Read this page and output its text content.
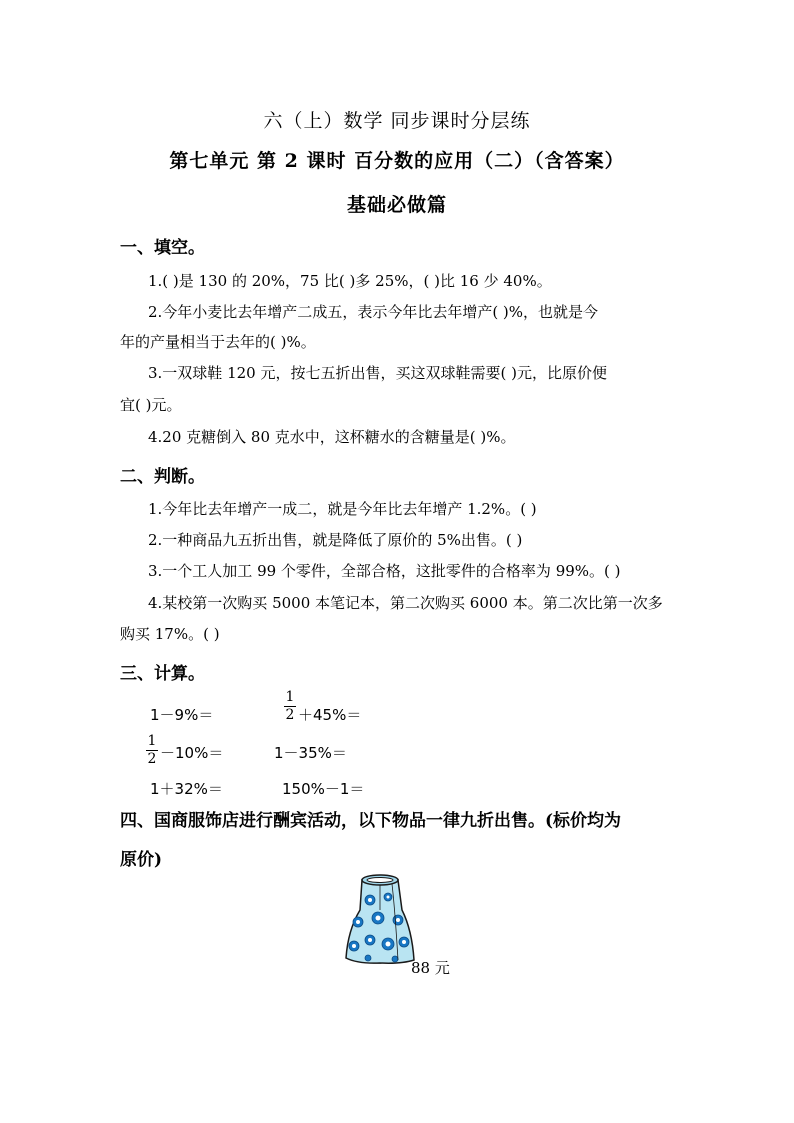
六（上）数学 同步课时分层练
第七单元 第 2 课时 百分数的应用（二）（含答案）
基础必做篇
一、填空。
1.( )是 130 的 20%，75 比( )多 25%，( )比 16 少 40%。
2.今年小麦比去年增产二成五，表示今年比去年增产( )%，也就是今
年的产量相当于去年的( )%。
3.一双球鞋 120 元，按七五折出售，买这双球鞋需要( )元，比原价便
宜( )元。
4.20 克糖倒入 80 克水中，这杯糖水的含糖量是( )%。
二、判断。
1.今年比去年增产一成二，就是今年比去年增产 1.2%。( )
2.一种商品九五折出售，就是降低了原价的 5%出售。( )
3.一个工人加工 99 个零件，全部合格，这批零件的合格率为 99%。( )
4.某校第一次购买 5000 本笔记本，第二次购买 6000 本。第二次比第一次多
购买 17%。( )
三、计算。
1－9%＝
1
2 ＋45%＝
1
2 －10%＝	1－35%＝
1＋32%＝	150%－1＝
四、国商服饰店进行酬宾活动，以下物品一律九折出售。(标价均为
原价)
88 元
